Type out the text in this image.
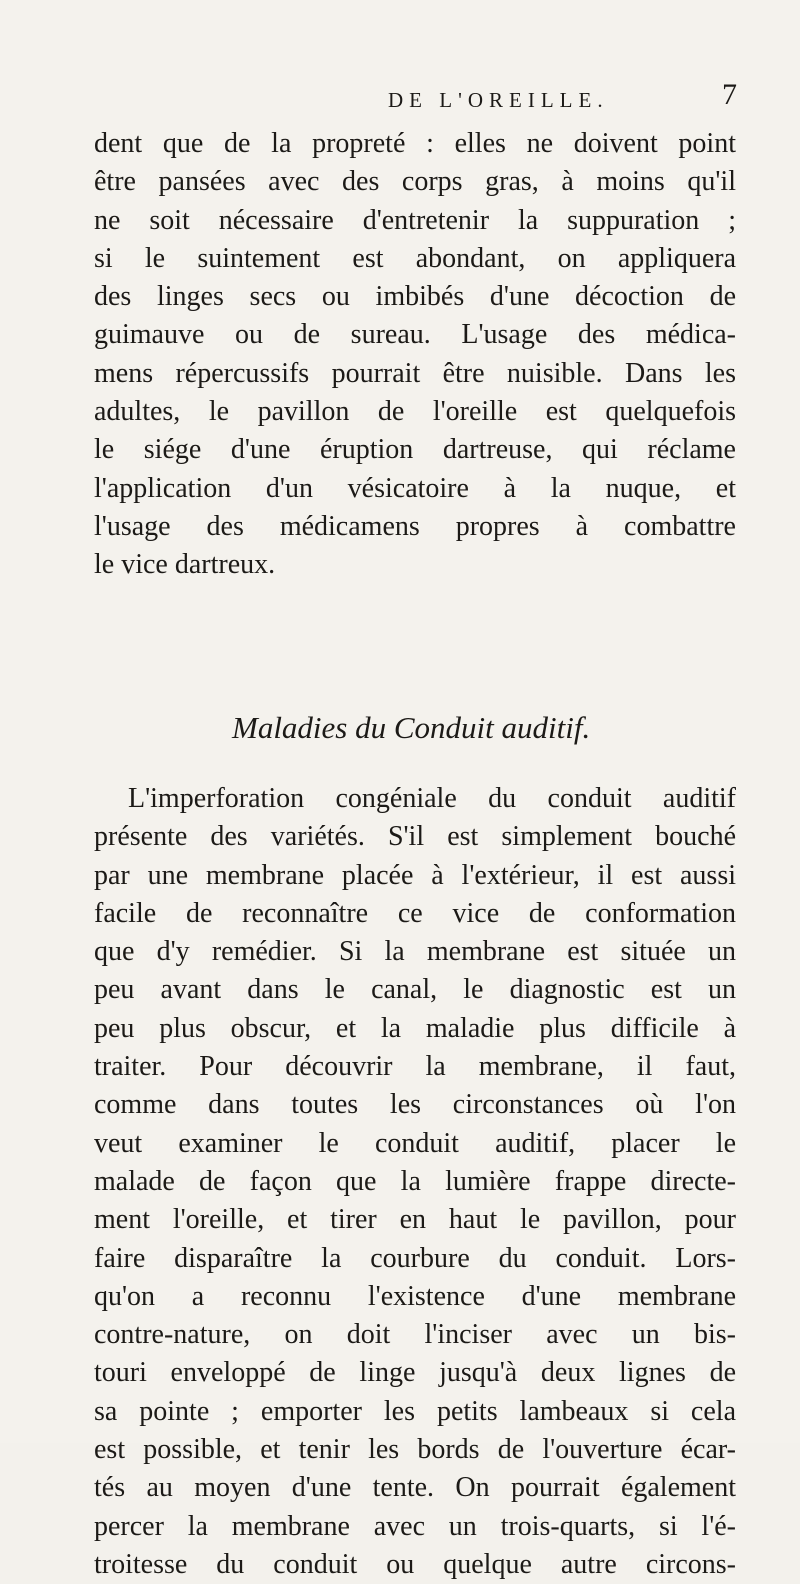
DE L'OREILLE.	7
dent que de la propreté : elles ne doivent point
être pansées avec des corps gras, à moins qu'il
ne soit nécessaire d'entretenir la suppuration ;
si le suintement est abondant, on appliquera
des linges secs ou imbibés d'une décoction de
guimauve ou de sureau. L'usage des médica-
mens répercussifs pourrait être nuisible. Dans les
adultes, le pavillon de l'oreille est quelquefois
le siége d'une éruption dartreuse, qui réclame
l'application d'un vésicatoire à la nuque, et
l'usage des médicamens propres à combattre
le vice dartreux.
Maladies du Conduit auditif.
L'imperforation congéniale du conduit auditif
présente des variétés. S'il est simplement bouché
par une membrane placée à l'extérieur, il est aussi
facile de reconnaître ce vice de conformation
que d'y remédier. Si la membrane est située un
peu avant dans le canal, le diagnostic est un
peu plus obscur, et la maladie plus difficile à
traiter. Pour découvrir la membrane, il faut,
comme dans toutes les circonstances où l'on
veut examiner le conduit auditif, placer le
malade de façon que la lumière frappe directe-
ment l'oreille, et tirer en haut le pavillon, pour
faire disparaître la courbure du conduit. Lors-
qu'on a reconnu l'existence d'une membrane
contre-nature, on doit l'inciser avec un bis-
touri enveloppé de linge jusqu'à deux lignes de
sa pointe ; emporter les petits lambeaux si cela
est possible, et tenir les bords de l'ouverture écar-
tés au moyen d'une tente. On pourrait également
percer la membrane avec un trois-quarts, si l'é-
troitesse du conduit ou quelque autre circons-
